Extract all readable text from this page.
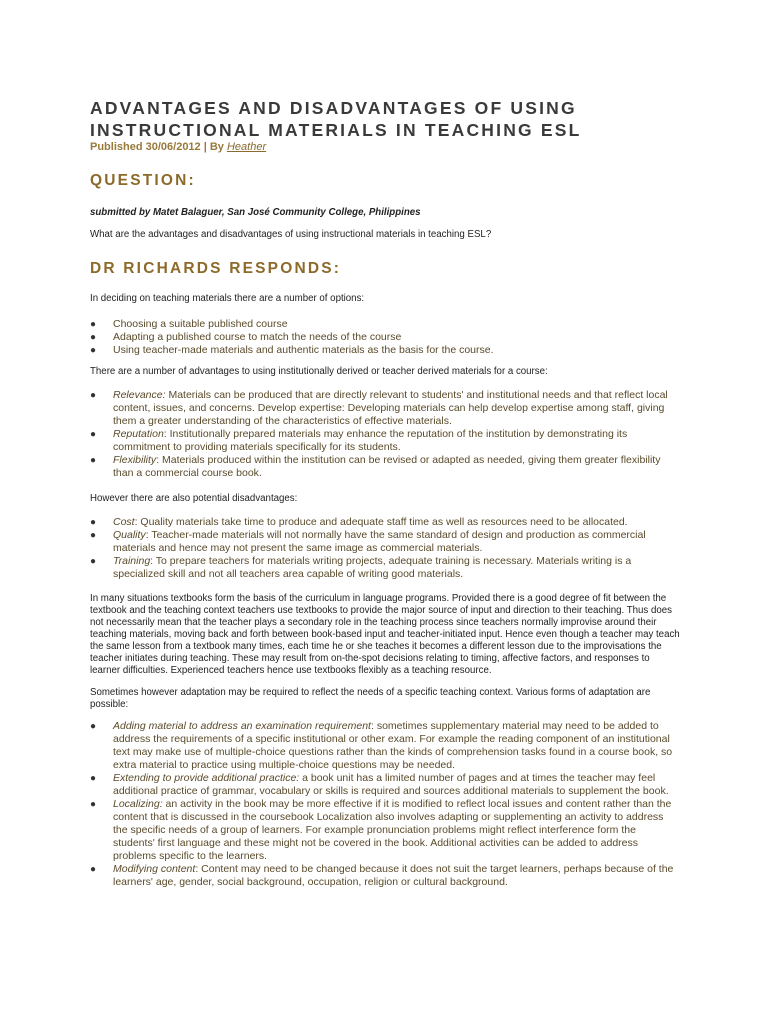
ADVANTAGES AND DISADVANTAGES OF USING
INSTRUCTIONAL MATERIALS IN TEACHING ESL

Published 30/06/2012 | By Heather

QUESTION:

submitted by Matet Balaguer, San José Community College, Philippines

What are the advantages and disadvantages of using instructional materials in teaching ESL?

DR RICHARDS RESPONDS:

In deciding on teaching materials there are a number of options:

● Choosing a suitable published course
● Adapting a published course to match the needs of the course
● Using teacher-made materials and authentic materials as the basis for the course.

There are a number of advantages to using institutionally derived or teacher derived materials for a course:

● Relevance: Materials can be produced that are directly relevant to students' and institutional needs and that reflect local content, issues, and concerns. Develop expertise: Developing materials can help develop expertise among staff, giving them a greater understanding of the characteristics of effective materials.
● Reputation: Institutionally prepared materials may enhance the reputation of the institution by demonstrating its commitment to providing materials specifically for its students.
● Flexibility: Materials produced within the institution can be revised or adapted as needed, giving them greater flexibility than a commercial course book.

However there are also potential disadvantages:

● Cost: Quality materials take time to produce and adequate staff time as well as resources need to be allocated.
● Quality: Teacher-made materials will not normally have the same standard of design and production as commercial materials and hence may not present the same image as commercial materials.
● Training: To prepare teachers for materials writing projects, adequate training is necessary. Materials writing is a specialized skill and not all teachers area capable of writing good materials.

In many situations textbooks form the basis of the curriculum in language programs. Provided there is a good degree of fit between the textbook and the teaching context teachers use textbooks to provide the major source of input and direction to their teaching. Thus does not necessarily mean that the teacher plays a secondary role in the teaching process since teachers normally improvise around their teaching materials, moving back and forth between book-based input and teacher-initiated input. Hence even though a teacher may teach the same lesson from a textbook many times, each time he or she teaches it becomes a different lesson due to the improvisations the teacher initiates during teaching. These may result from on-the-spot decisions relating to timing, affective factors, and responses to learner difficulties. Experienced teachers hence use textbooks flexibly as a teaching resource.

Sometimes however adaptation may be required to reflect the needs of a specific teaching context. Various forms of adaptation are possible:

● Adding material to address an examination requirement: sometimes supplementary material may need to be added to address the requirements of a specific institutional or other exam. For example the reading component of an institutional text may make use of multiple-choice questions rather than the kinds of comprehension tasks found in a course book, so extra material to practice using multiple-choice questions may be needed.
● Extending to provide additional practice: a book unit has a limited number of pages and at times the teacher may feel additional practice of grammar, vocabulary or skills is required and sources additional materials to supplement the book.
● Localizing: an activity in the book may be more effective if it is modified to reflect local issues and content rather than the content that is discussed in the coursebook Localization also involves adapting or supplementing an activity to address the specific needs of a group of learners. For example pronunciation problems might reflect interference form the students' first language and these might not be covered in the book. Additional activities can be added to address problems specific to the learners.
● Modifying content: Content may need to be changed because it does not suit the target learners, perhaps because of the learners' age, gender, social background, occupation, religion or cultural background.
